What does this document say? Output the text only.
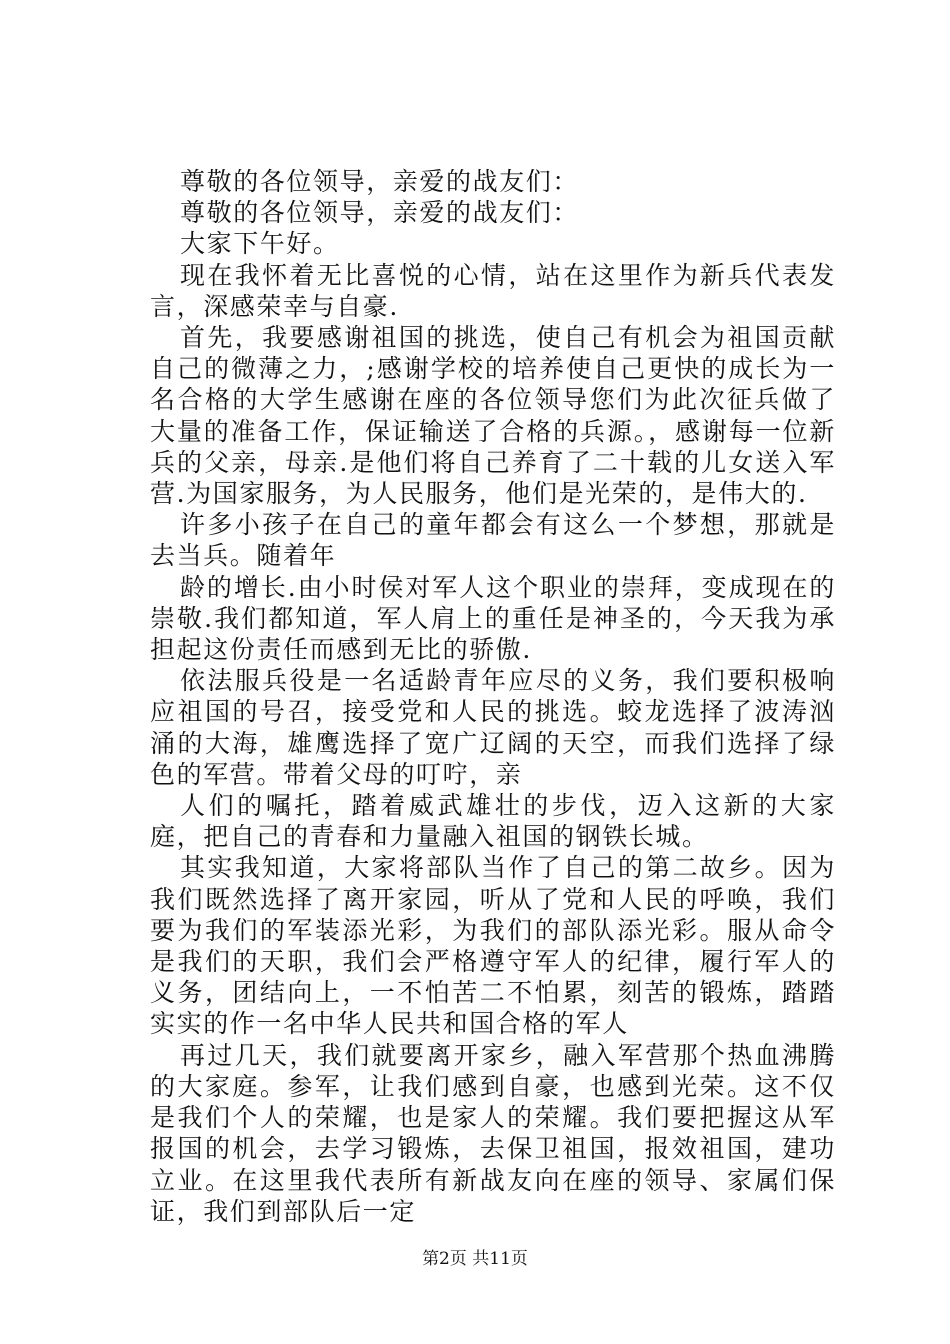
尊敬的各位领导，亲爱的战友们：

尊敬的各位领导，亲爱的战友们：

大家下午好。

现在我怀着无比喜悦的心情，站在这里作为新兵代表发言，深感荣幸与自豪.

首先，我要感谢祖国的挑选，使自己有机会为祖国贡献自己的微薄之力，;感谢学校的培养使自己更快的成长为一名合格的大学生感谢在座的各位领导您们为此次征兵做了大量的准备工作，保证输送了合格的兵源。，感谢每一位新兵的父亲，母亲.是他们将自己养育了二十载的儿女送入军营.为国家服务，为人民服务，他们是光荣的，是伟大的.

许多小孩子在自己的童年都会有这么一个梦想，那就是去当兵。随着年

龄的增长.由小时侯对军人这个职业的崇拜，变成现在的崇敬.我们都知道，军人肩上的重任是神圣的，今天我为承担起这份责任而感到无比的骄傲.

依法服兵役是一名适龄青年应尽的义务，我们要积极响应祖国的号召，接受党和人民的挑选。蛟龙选择了波涛汹涌的大海，雄鹰选择了宽广辽阔的天空，而我们选择了绿色的军营。带着父母的叮咛，亲

人们的嘱托，踏着威武雄壮的步伐，迈入这新的大家庭，把自己的青春和力量融入祖国的钢铁长城。

其实我知道，大家将部队当作了自己的第二故乡。因为我们既然选择了离开家园，听从了党和人民的呼唤，我们要为我们的军装添光彩，为我们的部队添光彩。服从命令是我们的天职，我们会严格遵守军人的纪律，履行军人的义务，团结向上，一不怕苦二不怕累，刻苦的锻炼，踏踏实实的作一名中华人民共和国合格的军人

再过几天，我们就要离开家乡，融入军营那个热血沸腾的大家庭。参军，让我们感到自豪，也感到光荣。这不仅是我们个人的荣耀，也是家人的荣耀。我们要把握这从军报国的机会，去学习锻炼，去保卫祖国，报效祖国，建功立业。在这里我代表所有新战友向在座的领导、家属们保证，我们到部队后一定

第2页 共11页
